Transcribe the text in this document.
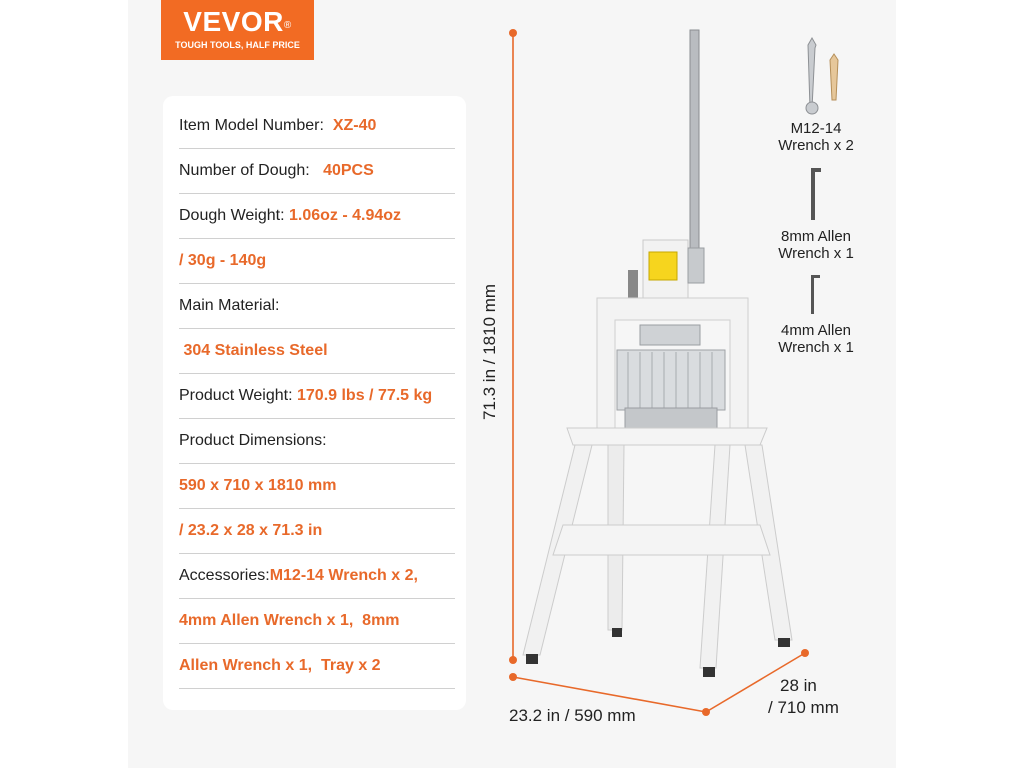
VEVOR®
TOUGH TOOLS, HALF PRICE
Item Model Number:
XZ-40
Number of Dough:
40PCS
Dough Weight:
1.06oz - 4.94oz
/ 30g - 140g
Main Material:

304 Stainless Steel
Product Weight:
170.9 lbs / 77.5 kg
Product Dimensions:
590 x 710 x 1810 mm
/ 23.2 x 28 x 71.3 in
Accessories: M12-14 Wrench x 2,
4mm Allen Wrench x 1,  8mm
Allen Wrench x 1,  Tray x 2
71.3 in / 1810 mm
23.2 in / 590 mm
28 in
/ 710 mm
M12-14
Wrench x 2
8mm Allen
Wrench x 1
4mm Allen
Wrench x 1
